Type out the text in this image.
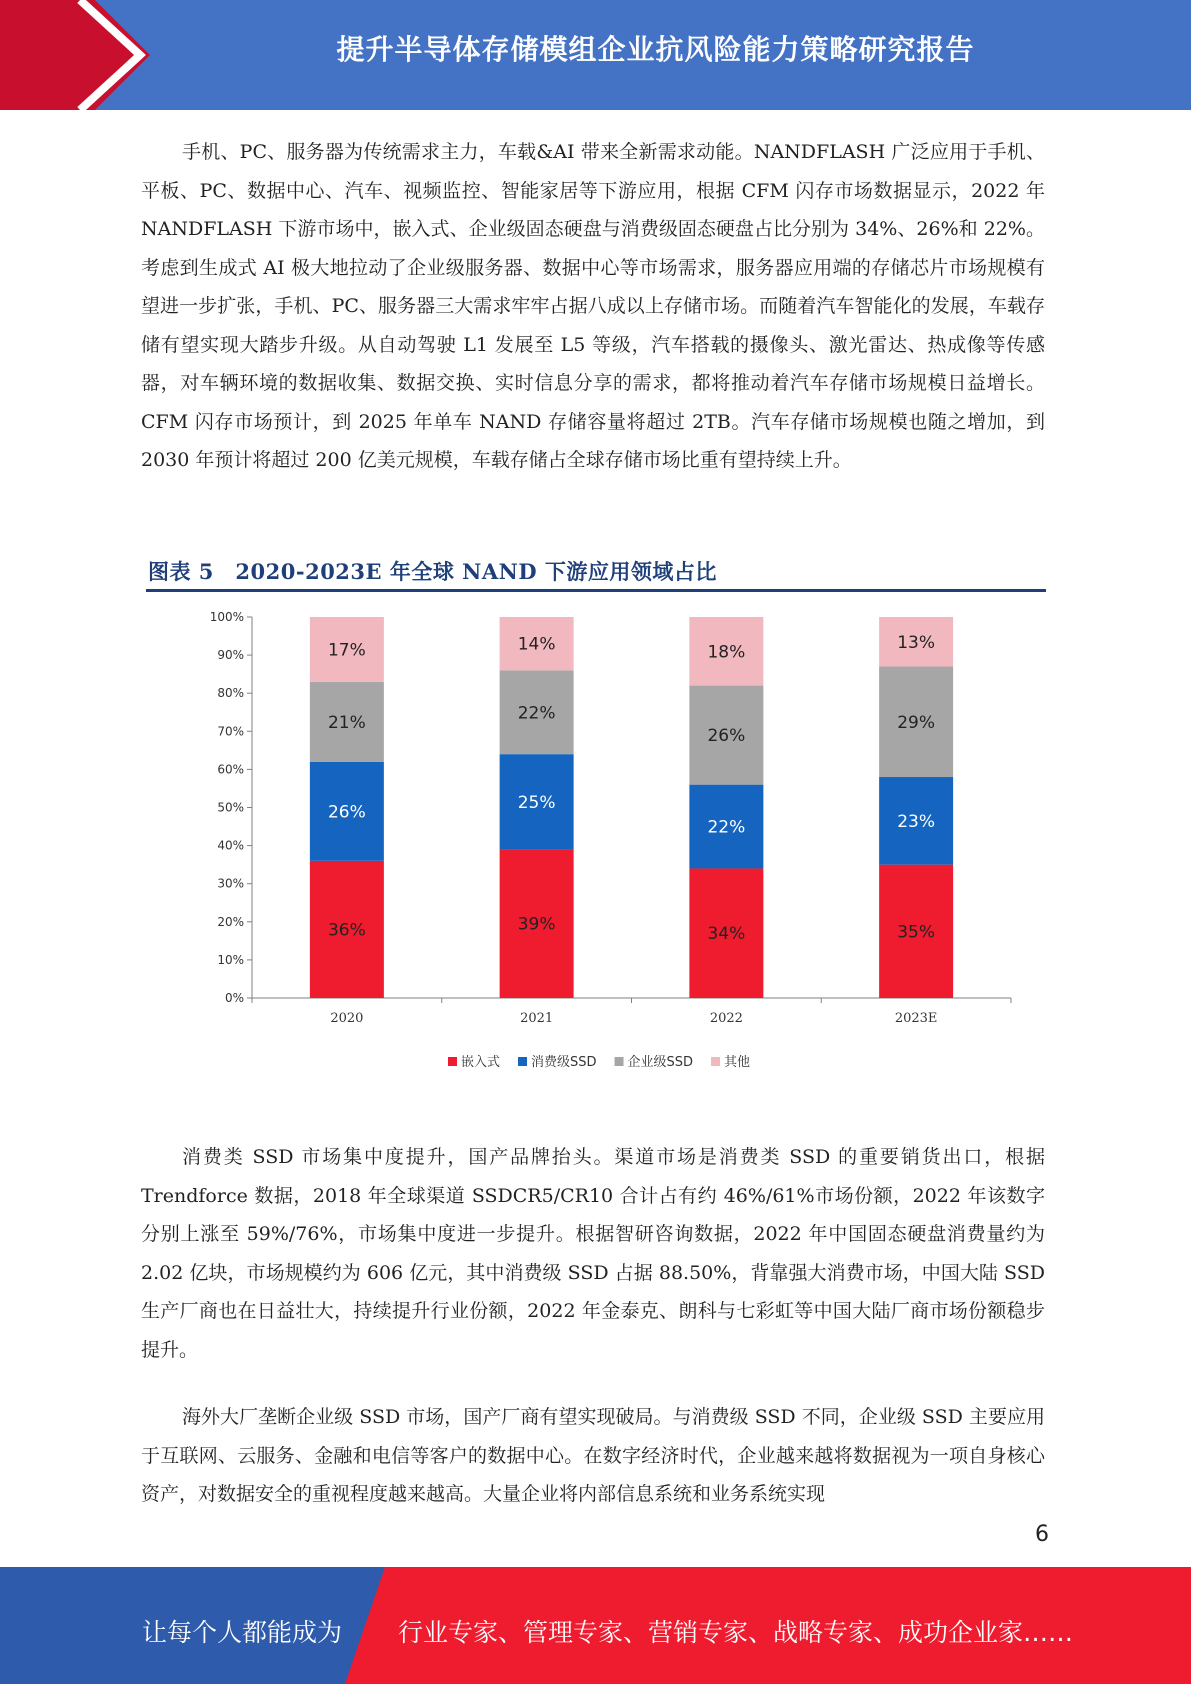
提升半导体存储模组企业抗风险能力策略研究报告

手机、PC、服务器为传统需求主力，车载&AI 带来全新需求动能。NANDFLASH 广泛应用于手机、平板、PC、数据中心、汽车、视频监控、智能家居等下游应用，根据 CFM 闪存市场数据显示，2022 年 NANDFLASH 下游市场中，嵌入式、企业级固态硬盘与消费级固态硬盘占比分别为 34%、26%和 22%。考虑到生成式 AI 极大地拉动了企业级服务器、数据中心等市场需求，服务器应用端的存储芯片市场规模有望进一步扩张，手机、PC、服务器三大需求牢牢占据八成以上存储市场。而随着汽车智能化的发展，车载存储有望实现大踏步升级。从自动驾驶 L1 发展至 L5 等级，汽车搭载的摄像头、激光雷达、热成像等传感器，对车辆环境的数据收集、数据交换、实时信息分享的需求，都将推动着汽车存储市场规模日益增长。CFM 闪存市场预计，到 2025 年单车 NAND 存储容量将超过 2TB。汽车存储市场规模也随之增加，到 2030 年预计将超过 200 亿美元规模，车载存储占全球存储市场比重有望持续上升。

图表 5　2020-2023E 年全球 NAND 下游应用领域占比
0%
10%
20%
30%
40%
50%
60%
70%
80%
90%
100%
36%
26%
21%
17%
2020
39%
25%
22%
14%
2021
34%
22%
26%
18%
2022
35%
23%
29%
13%
2023E
嵌入式 消费级SSD 企业级SSD 其他

消费类 SSD 市场集中度提升，国产品牌抬头。渠道市场是消费类 SSD 的重要销货出口，根据 Trendforce 数据，2018 年全球渠道 SSDCR5/CR10 合计占有约 46%/61%市场份额，2022 年该数字分别上涨至 59%/76%，市场集中度进一步提升。根据智研咨询数据，2022 年中国固态硬盘消费量约为 2.02 亿块，市场规模约为 606 亿元，其中消费级 SSD 占据 88.50%，背靠强大消费市场，中国大陆 SSD 生产厂商也在日益壮大，持续提升行业份额，2022 年金泰克、朗科与七彩虹等中国大陆厂商市场份额稳步提升。

海外大厂垄断企业级 SSD 市场，国产厂商有望实现破局。与消费级 SSD 不同，企业级 SSD 主要应用于互联网、云服务、金融和电信等客户的数据中心。在数字经济时代，企业越来越将数据视为一项自身核心资产，对数据安全的重视程度越来越高。大量企业将内部信息系统和业务系统实现

6
让每个人都能成为 行业专家、管理专家、营销专家、战略专家、成功企业家……
